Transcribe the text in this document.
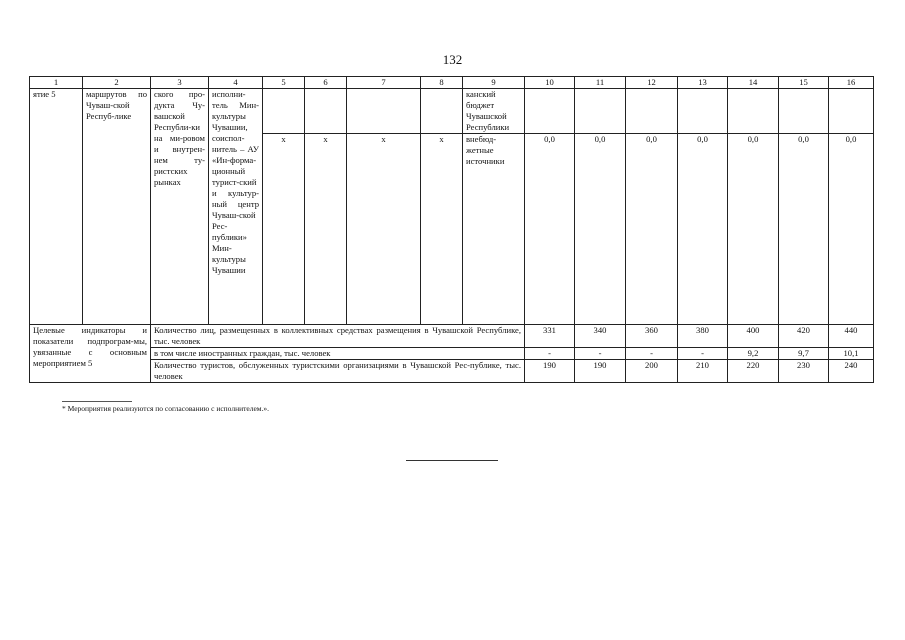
132
1	2	3	4	5	6	7	8	9	10	11	12	13	14	15	16
ятие 5	маршрутов по Чуваш-ской Респуб-лике	ского про-дукта Чу-вашской Республи-ки на ми-ровом и внутрен-нем ту-ристских рынках	исполни-тель Мин-культуры Чувашии, соиспол-нитель – АУ «Ин-форма-ционный турист-ский и культур-ный центр Чуваш-ской Рес-публики» Мин-культуры Чувашии					канский бюджет Чувашской Республики							
				х	х	х	х	внебюд-жетные источники	0,0	0,0	0,0	0,0	0,0	0,0	0,0
Целевые индикаторы и показатели подпрограм-мы, увязанные с основным мероприятием 5		Количество лиц, размещенных в коллективных средствах размещения в Чувашской Республике, тыс. человек							331	340	360	380	400	420	440
		в том числе иностранных граждан, тыс. человек							-	-	-	-	9,2	9,7	10,1
		Количество туристов, обслуженных туристскими организациями в Чувашской Рес-публике, тыс. человек							190	190	200	210	220	230	240
* Мероприятия реализуются по согласованию с исполнителем.».
